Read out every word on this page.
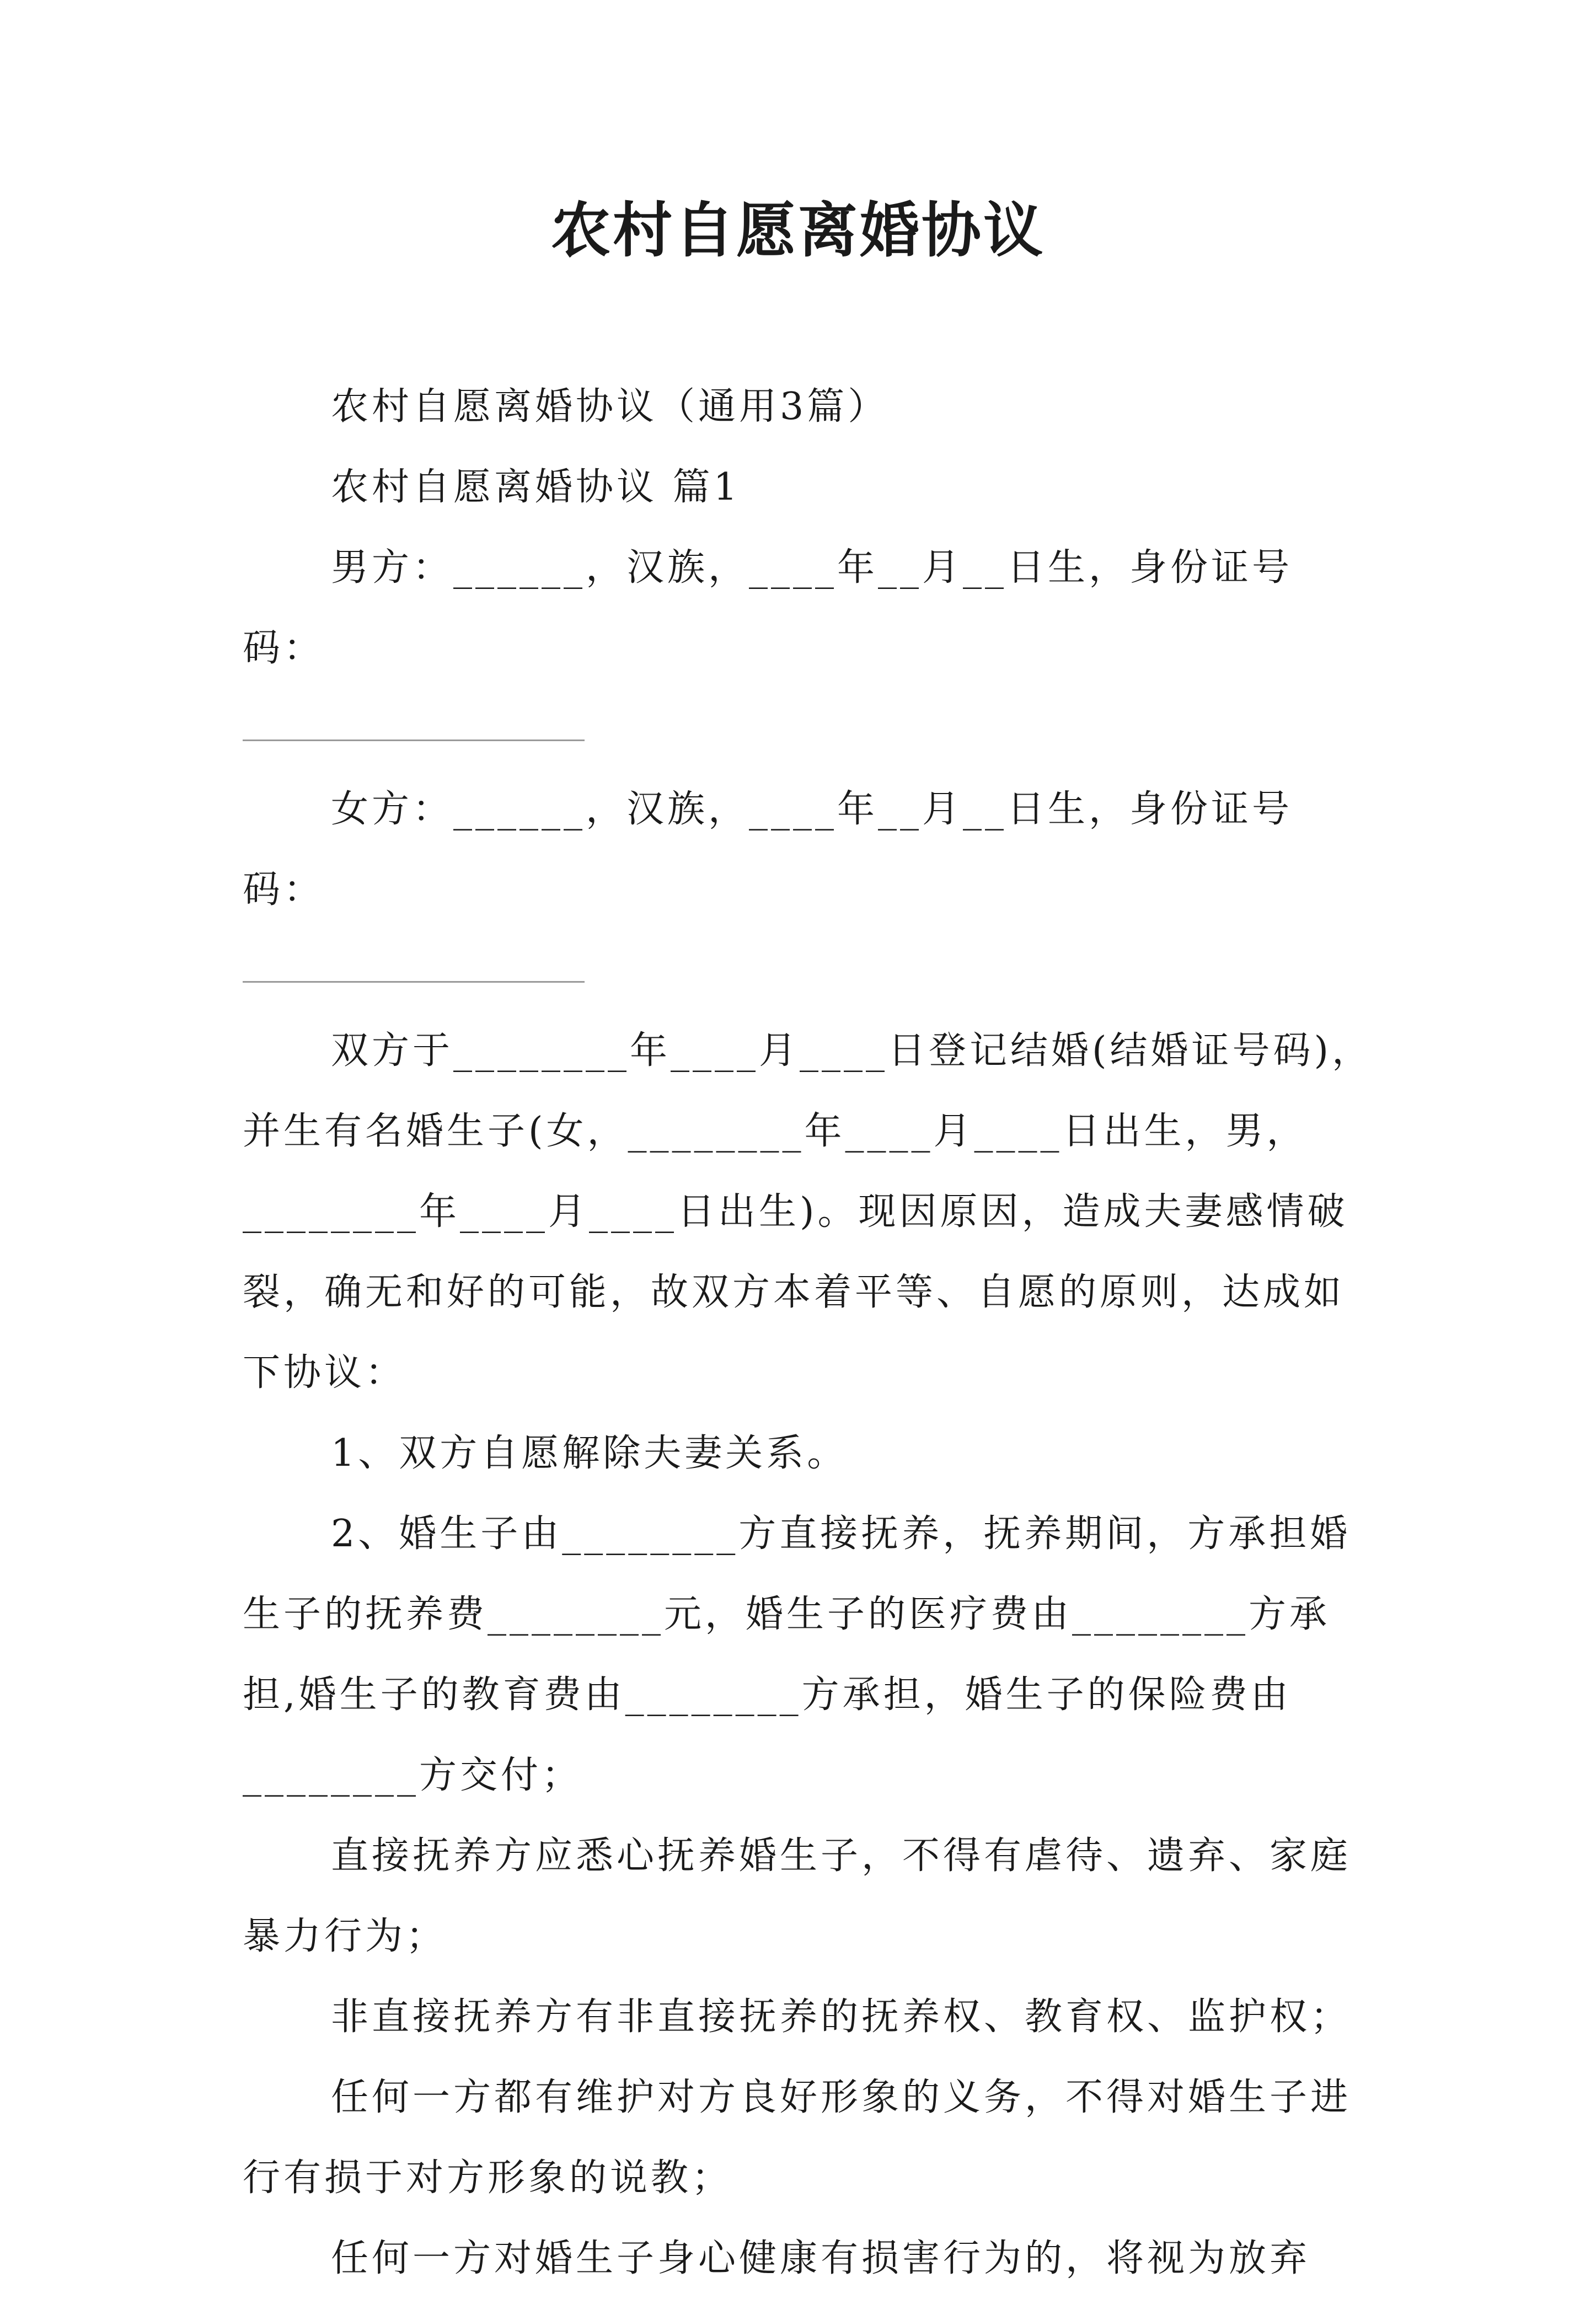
农村自愿离婚协议

农村自愿离婚协议（通用3篇）

农村自愿离婚协议 篇1

男方：______，汉族，____年__月__日生，身份证号码：

女方：______，汉族，____年__月__日生，身份证号码：

双方于________年____月____日登记结婚(结婚证号码)，并生有名婚生子(女，________年____月____日出生，男，________年____月____日出生)。现因原因，造成夫妻感情破裂，确无和好的可能，故双方本着平等、自愿的原则，达成如下协议：

1、双方自愿解除夫妻关系。

2、婚生子由________方直接抚养，抚养期间，方承担婚生子的抚养费________元，婚生子的医疗费由________方承担,婚生子的教育费由________方承担，婚生子的保险费由________方交付；

直接抚养方应悉心抚养婚生子，不得有虐待、遗弃、家庭暴力行为；

非直接抚养方有非直接抚养的抚养权、教育权、监护权；

任何一方都有维护对方良好形象的义务，不得对婚生子进行有损于对方形象的说教；

任何一方对婚生子身心健康有损害行为的，将视为放弃
